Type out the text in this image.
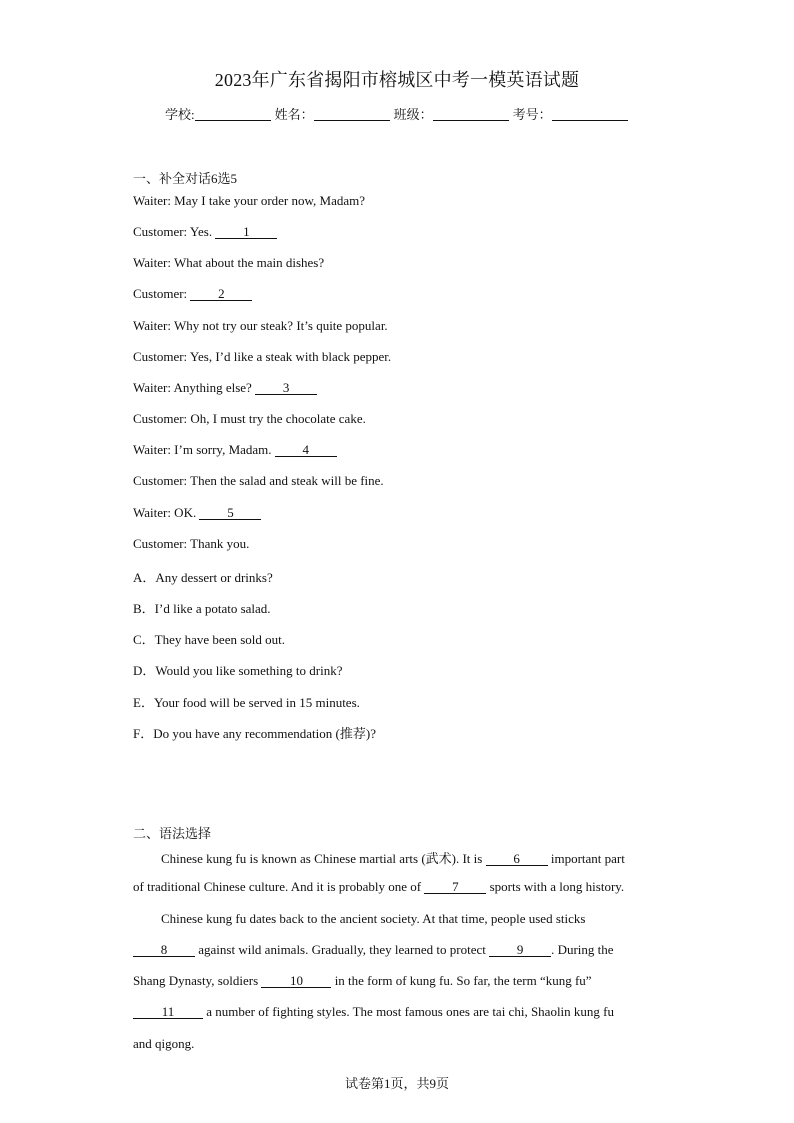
2023年广东省揭阳市榕城区中考一模英语试题
学校:	姓名：	班级：	考号：
一、补全对话6选5
Waiter: May I take your order now, Madam?
Customer: Yes. 1
Waiter: What about the main dishes?
Customer: 2
Waiter: Why not try our steak? It’s quite popular.
Customer: Yes, I’d like a steak with black pepper.
Waiter: Anything else? 3
Customer: Oh, I must try the chocolate cake.
Waiter: I’m sorry, Madam. 4
Customer: Then the salad and steak will be fine.
Waiter: OK. 5
Customer: Thank you.
A．Any dessert or drinks?
B．I’d like a potato salad.
C．They have been sold out.
D．Would you like something to drink?
E．Your food will be served in 15 minutes.
F．Do you have any recommendation (推荐)?
二、语法选择
Chinese kung fu is known as Chinese martial arts (武术). It is 6 important part
of traditional Chinese culture. And it is probably one of 7 sports with a long history.
Chinese kung fu dates back to the ancient society. At that time, people used sticks
8 against wild animals. Gradually, they learned to protect 9 . During the
Shang Dynasty, soldiers 10 in the form of kung fu. So far, the term “kung fu”
11 a number of fighting styles. The most famous ones are tai chi, Shaolin kung fu
and qigong.
试卷第1页，共9页
